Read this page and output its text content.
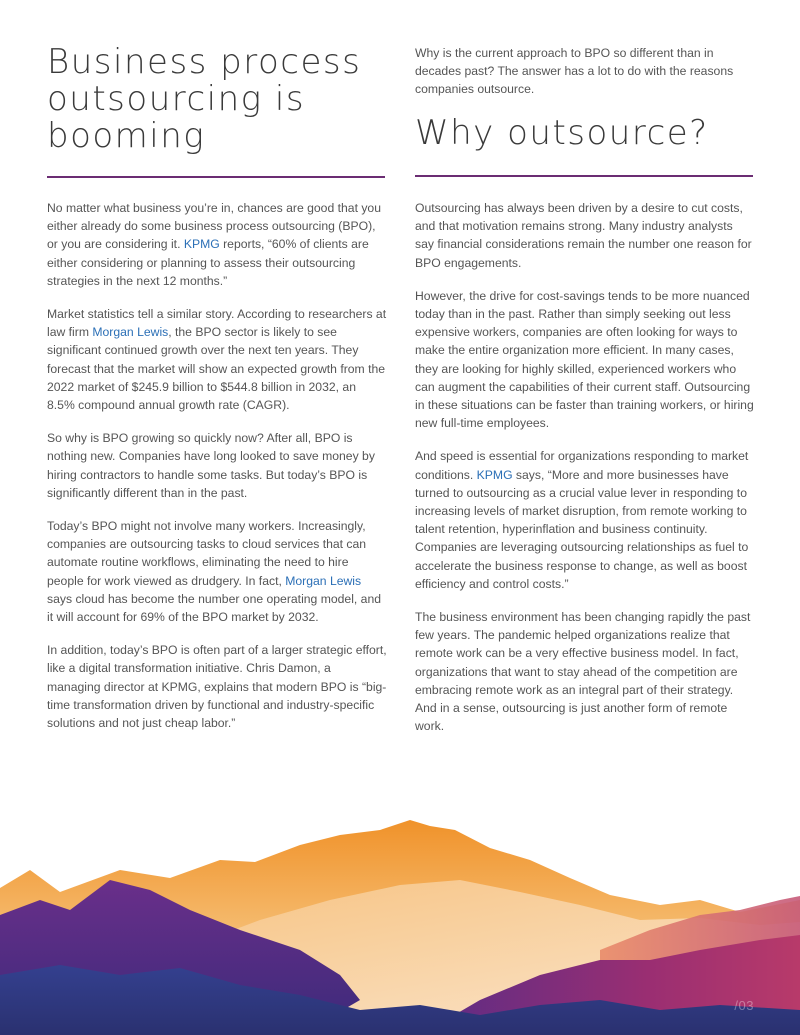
Business process outsourcing is booming

Why is the current approach to BPO so different than in decades past? The answer has a lot to do with the reasons companies outsource.

Why outsource?

No matter what business you’re in, chances are good that you either already do some business process outsourcing (BPO), or you are considering it. KPMG reports, “60% of clients are either considering or planning to assess their outsourcing strategies in the next 12 months.”

Market statistics tell a similar story. According to researchers at law firm Morgan Lewis, the BPO sector is likely to see significant continued growth over the next ten years. They forecast that the market will show an expected growth from the 2022 market of $245.9 billion to $544.8 billion in 2032, an 8.5% compound annual growth rate (CAGR).

So why is BPO growing so quickly now? After all, BPO is nothing new. Companies have long looked to save money by hiring contractors to handle some tasks. But today’s BPO is significantly different than in the past.

Today’s BPO might not involve many workers. Increasingly, companies are outsourcing tasks to cloud services that can automate routine workflows, eliminating the need to hire people for work viewed as drudgery. In fact, Morgan Lewis says cloud has become the number one operating model, and it will account for 69% of the BPO market by 2032.

In addition, today’s BPO is often part of a larger strategic effort, like a digital transformation initiative. Chris Damon, a managing director at KPMG, explains that modern BPO is “big-time transformation driven by functional and industry-specific solutions and not just cheap labor.”

Outsourcing has always been driven by a desire to cut costs, and that motivation remains strong. Many industry analysts say financial considerations remain the number one reason for BPO engagements.

However, the drive for cost-savings tends to be more nuanced today than in the past. Rather than simply seeking out less expensive workers, companies are often looking for ways to make the entire organization more efficient. In many cases, they are looking for highly skilled, experienced workers who can augment the capabilities of their current staff. Outsourcing in these situations can be faster than training workers, or hiring new full-time employees.

And speed is essential for organizations responding to market conditions. KPMG says, “More and more businesses have turned to outsourcing as a crucial value lever in responding to increasing levels of market disruption, from remote working to talent retention, hyperinflation and business continuity. Companies are leveraging outsourcing relationships as fuel to accelerate the business response to change, as well as boost efficiency and control costs.”

The business environment has been changing rapidly the past few years. The pandemic helped organizations realize that remote work can be a very effective business model. In fact, organizations that want to stay ahead of the competition are embracing remote work as an integral part of their strategy. And in a sense, outsourcing is just another form of remote work.

/03
